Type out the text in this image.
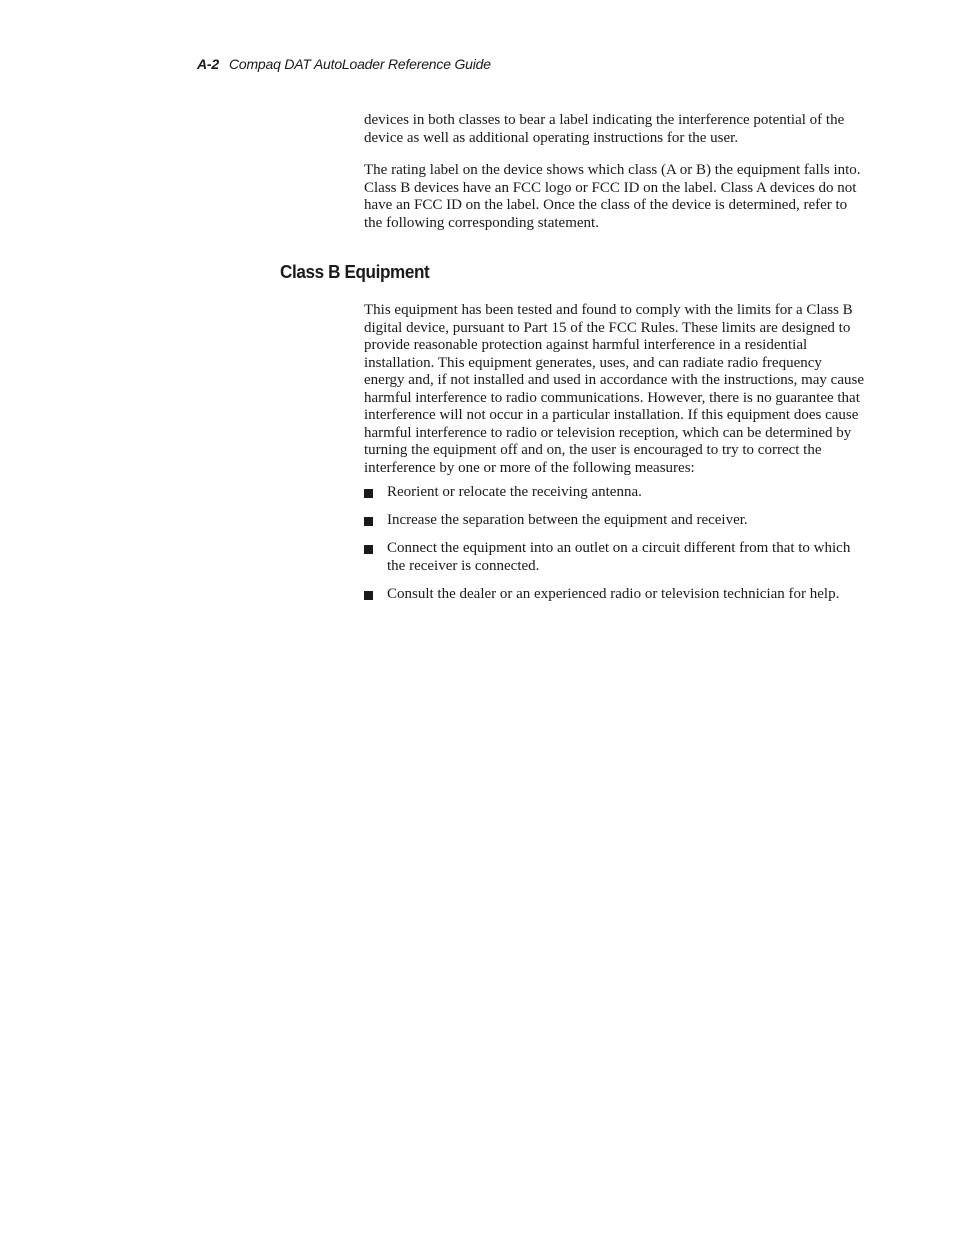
A-2 Compaq DAT AutoLoader Reference Guide

devices in both classes to bear a label indicating the interference potential of the device as well as additional operating instructions for the user.

The rating label on the device shows which class (A or B) the equipment falls into. Class B devices have an FCC logo or FCC ID on the label. Class A devices do not have an FCC ID on the label. Once the class of the device is determined, refer to the following corresponding statement.

Class B Equipment

This equipment has been tested and found to comply with the limits for a Class B digital device, pursuant to Part 15 of the FCC Rules. These limits are designed to provide reasonable protection against harmful interference in a residential installation. This equipment generates, uses, and can radiate radio frequency energy and, if not installed and used in accordance with the instructions, may cause harmful interference to radio communications. However, there is no guarantee that interference will not occur in a particular installation. If this equipment does cause harmful interference to radio or television reception, which can be determined by turning the equipment off and on, the user is encouraged to try to correct the interference by one or more of the following measures:

Reorient or relocate the receiving antenna.
Increase the separation between the equipment and receiver.
Connect the equipment into an outlet on a circuit different from that to which the receiver is connected.
Consult the dealer or an experienced radio or television technician for help.
